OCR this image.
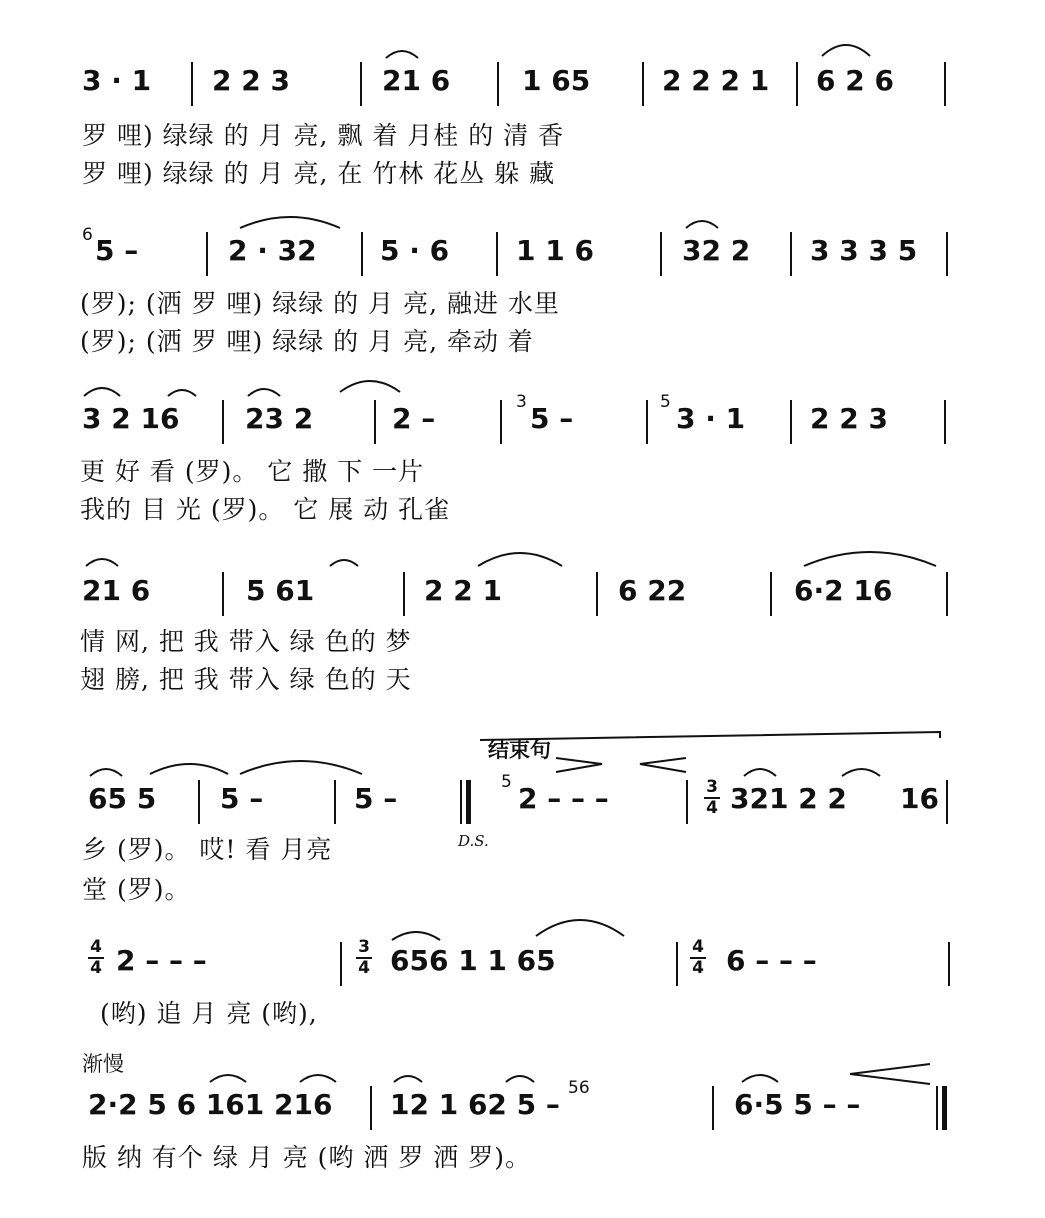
3 · 1 2 2 3	21 6	1 65	2 2 2 1 6 2 6
罗 哩) 绿绿 的 月 亮, 飘 着 月桂 的 清 香
罗 哩) 绿绿 的 月 亮, 在 竹林 花丛 躲 藏
6 5 –	2 · 32 5 · 6 1 1 6	32 2 3 3 3 5
(罗); (洒 罗 哩) 绿绿 的 月 亮, 融进 水里
(罗); (洒 罗 哩) 绿绿 的 月 亮, 牵动 着
3 2 16 23 2	2 –	3 5 –	5 3 · 1 2 2 3
更 好 看 (罗)。 它 撒 下 一片
我的 目 光 (罗)。 它 展 动 孔雀
21 6	5 61	2 2 1	6 22	6·2 16
情 网, 把 我 带入 绿 色的 梦
翅 膀, 把 我 带入 绿 色的 天
65 5 5 –	5 –
结束句
5 2 – – –	3
4 321 2 2 16
D.S.
乡 (罗)。 哎! 看 月亮
堂 (罗)。
4
4 2 – – –	3
4 656 1 1 65	4
4 6 – – –
(哟) 追 月 亮 (哟),
渐慢
2·2 5 6 161 216	56
12 1 62 5 –	6·5 5 – –
版 纳 有个 绿 月 亮 (哟 洒 罗 洒 罗)。
